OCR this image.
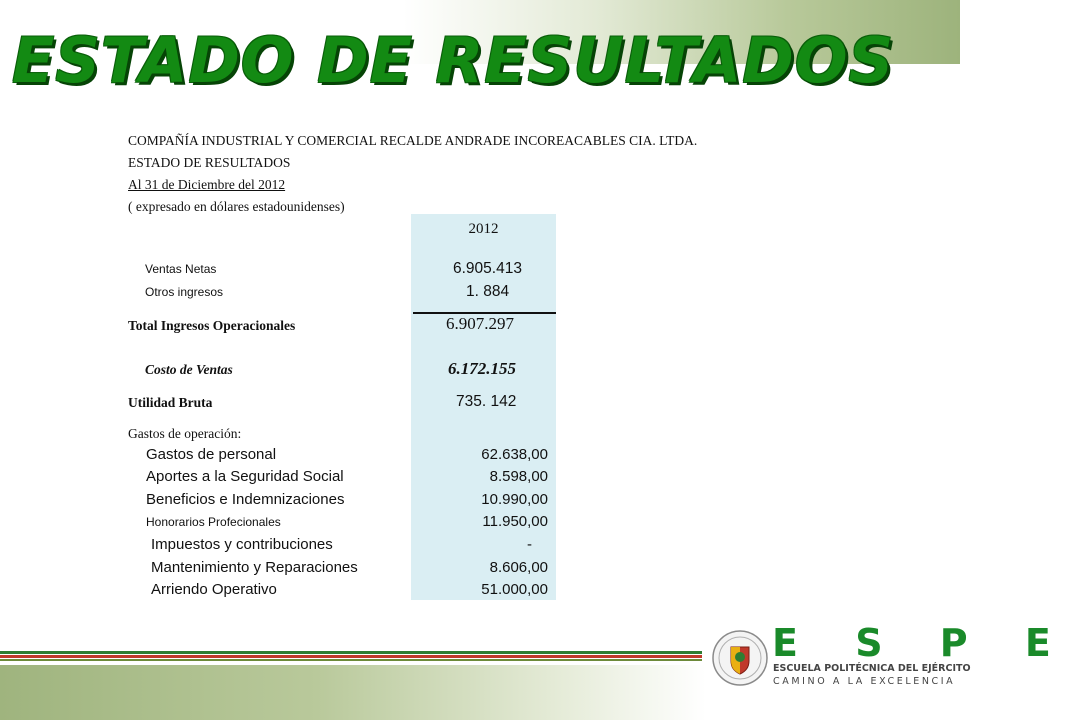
ESTADO DE RESULTADOS

COMPAÑÍA INDUSTRIAL Y COMERCIAL RECALDE ANDRADE INCOREACABLES CIA. LTDA.

ESTADO DE RESULTADOS

Al 31 de Diciembre del 2012

( expresado en dólares estadounidenses)

2012
Ventas Netas	6.905.413
Otros ingresos	1. 884
Total Ingresos Operacionales	6.907.297
Costo de Ventas	6.172.155
Utilidad Bruta	735. 142
Gastos de operación:
Gastos de personal	62.638,00
Aportes a la Seguridad Social	8.598,00
Beneficios e Indemnizaciones	10.990,00
Honorarios Profecionales	11.950,00
Impuestos y contribuciones	-
Mantenimiento y Reparaciones	8.606,00
Arriendo Operativo	51.000,00
E S P E
ESCUELA POLITÉCNICA DEL EJÉRCITO
CAMINO A LA EXCELENCIA
